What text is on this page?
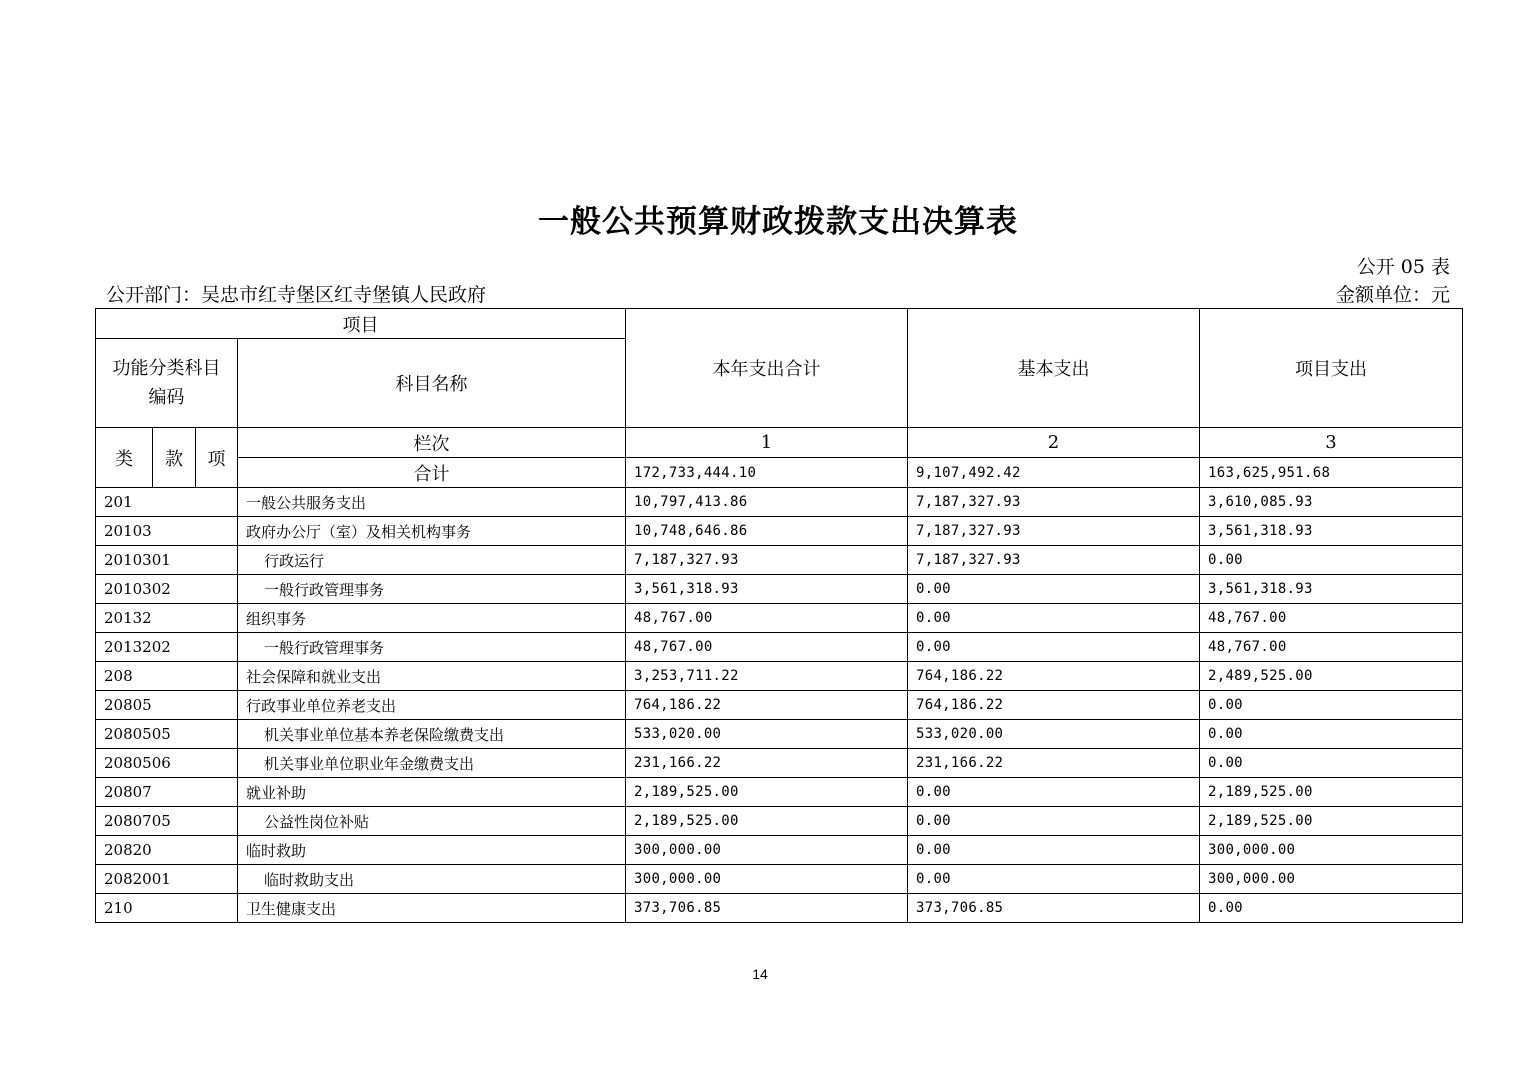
一般公共预算财政拨款支出决算表
公开 05 表
公开部门：吴忠市红寺堡区红寺堡镇人民政府	金额单位：元
项目				本年支出合计	基本支出	项目支出
功能分类科目编码			科目名称			
类	款	项	栏次	1	2	3
			合计	172,733,444.10	9,107,492.42	163,625,951.68
201			一般公共服务支出	10,797,413.86	7,187,327.93	3,610,085.93
20103			政府办公厅（室）及相关机构事务	10,748,646.86	7,187,327.93	3,561,318.93
2010301			行政运行	7,187,327.93	7,187,327.93	0.00
2010302			一般行政管理事务	3,561,318.93	0.00	3,561,318.93
20132			组织事务	48,767.00	0.00	48,767.00
2013202			一般行政管理事务	48,767.00	0.00	48,767.00
208			社会保障和就业支出	3,253,711.22	764,186.22	2,489,525.00
20805			行政事业单位养老支出	764,186.22	764,186.22	0.00
2080505			机关事业单位基本养老保险缴费支出	533,020.00	533,020.00	0.00
2080506			机关事业单位职业年金缴费支出	231,166.22	231,166.22	0.00
20807			就业补助	2,189,525.00	0.00	2,189,525.00
2080705			公益性岗位补贴	2,189,525.00	0.00	2,189,525.00
20820			临时救助	300,000.00	0.00	300,000.00
2082001			临时救助支出	300,000.00	0.00	300,000.00
210			卫生健康支出	373,706.85	373,706.85	0.00
14
